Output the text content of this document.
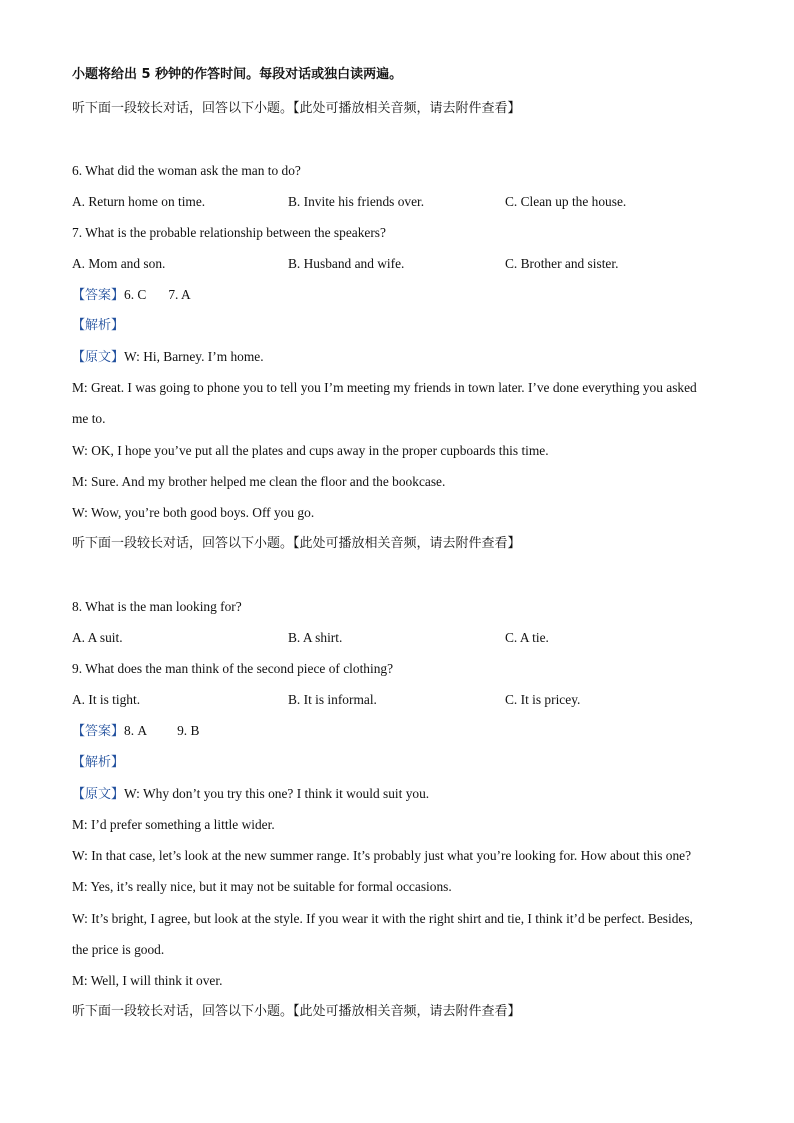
小题将给出 5 秒钟的作答时间。每段对话或独白读两遍。
听下面一段较长对话，回答以下小题。【此处可播放相关音频，请去附件查看】
6. What did the woman ask the man to do?
A. Return home on time.	B. Invite his friends over.	C. Clean up the house.
7. What is the probable relationship between the speakers?
A. Mom and son.	B. Husband and wife.	C. Brother and sister.
【答案】6. C 7. A
【解析】
【原文】W: Hi, Barney. I’m home.
M: Great. I was going to phone you to tell you I’m meeting my friends in town later. I’ve done everything you asked
me to.
W: OK, I hope you’ve put all the plates and cups away in the proper cupboards this time.
M: Sure. And my brother helped me clean the floor and the bookcase.
W: Wow, you’re both good boys. Off you go.
听下面一段较长对话，回答以下小题。【此处可播放相关音频，请去附件查看】
8. What is the man looking for?
A. A suit.	B. A shirt.	C. A tie.
9. What does the man think of the second piece of clothing?
A. It is tight.	B. It is informal.	C. It is pricey.
【答案】8. A 9. B
【解析】
【原文】W: Why don’t you try this one? I think it would suit you.
M: I’d prefer something a little wider.
W: In that case, let’s look at the new summer range. It’s probably just what you’re looking for. How about this one?
M: Yes, it’s really nice, but it may not be suitable for formal occasions.
W: It’s bright, I agree, but look at the style. If you wear it with the right shirt and tie, I think it’d be perfect. Besides,
the price is good.
M: Well, I will think it over.
听下面一段较长对话，回答以下小题。【此处可播放相关音频，请去附件查看】
